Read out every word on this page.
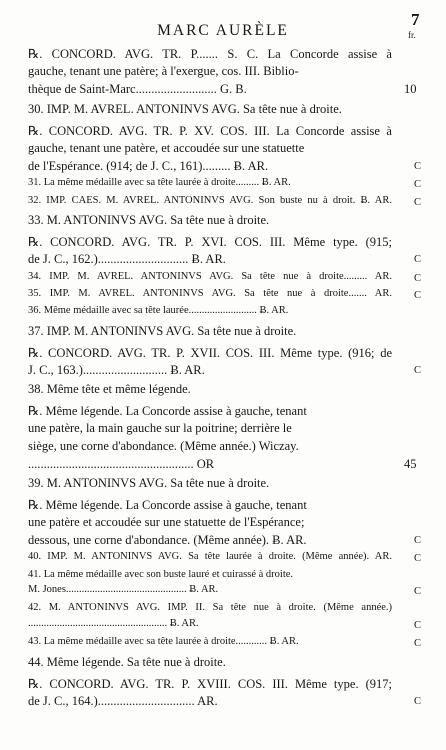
MARC AURÈLE
7
fr.
℞. CONCORD. AVG. TR. P....... S. C. La Concorde assise à
gauche, tenant une patère; à l'exergue, cos. III. Biblio-
thèque de Saint-Marc.......................... G. B.	10
30. IMP. M. AVREL. ANTONINVS AVG. Sa tête nue à droite.
℞. CONCORD. AVG. TR. P. XV. COS. III. La Concorde assise à
gauche, tenant une patère, et accoudée sur une statuette
de l'Espérance. (914; de J. C., 161)......... Ƀ. AR.	C
31. La même médaille avec sa tête laurée à droite......... Ƀ. AR.	C
32. IMP. CAES. M. AVREL. ANTONINVS AVG. Son buste nu à droit. Ƀ. AR. C
33. M. ANTONINVS AVG. Sa tête nue à droite.
℞. CONCORD. AVG. TR. P. XVI. COS. III. Même type. (915;
de J. C., 162.)............................. Ƀ. AR.	C
34. IMP. M. AVREL. ANTONINVS AVG. Sa tête nue à droite......... AR. C
35. IMP. M. AVREL. ANTONINVS AVG. Sa tête nue à droite....... AR. C
36. Même médaille avec sa tête laurée.......................... Ƀ. AR.
37. IMP. M. ANTONINVS AVG. Sa tête nue à droite.
℞. CONCORD. AVG. TR. P. XVII. COS. III. Même type. (916; de
J. C., 163.)........................... Ƀ. AR.	C
38. Même tête et même légende.
℞. Même légende. La Concorde assise à gauche, tenant
une patère, la main gauche sur la poitrine; derrière le
siège, une corne d'abondance. (Même année.) Wiczay.
..................................................... OR	45
39. M. ANTONINVS AVG. Sa tête nue à droite.
℞. Même légende. La Concorde assise à gauche, tenant
une patère et accoudée sur une statuette de l'Espérance;
dessous, une corne d'abondance. (Même année). Ƀ. AR.	C
40. IMP. M. ANTONINVS AVG. Sa tête laurée à droite. (Même année). AR. C
41. La même médaille avec son buste lauré et cuirassé à droite.
M. Jones.............................................. Ƀ. AR.	C
42. M. ANTONINVS AVG. IMP. II. Sa tête nue à droite. (Même année.)
..................................................... Ƀ. AR.	C
43. La même médaille avec sa tête laurée à droite............ Ƀ. AR.	C
44. Même légende. Sa tête nue à droite.
℞. CONCORD. AVG. TR. P. XVIII. COS. III. Même type. (917;
de J. C., 164.)............................... AR.	C
